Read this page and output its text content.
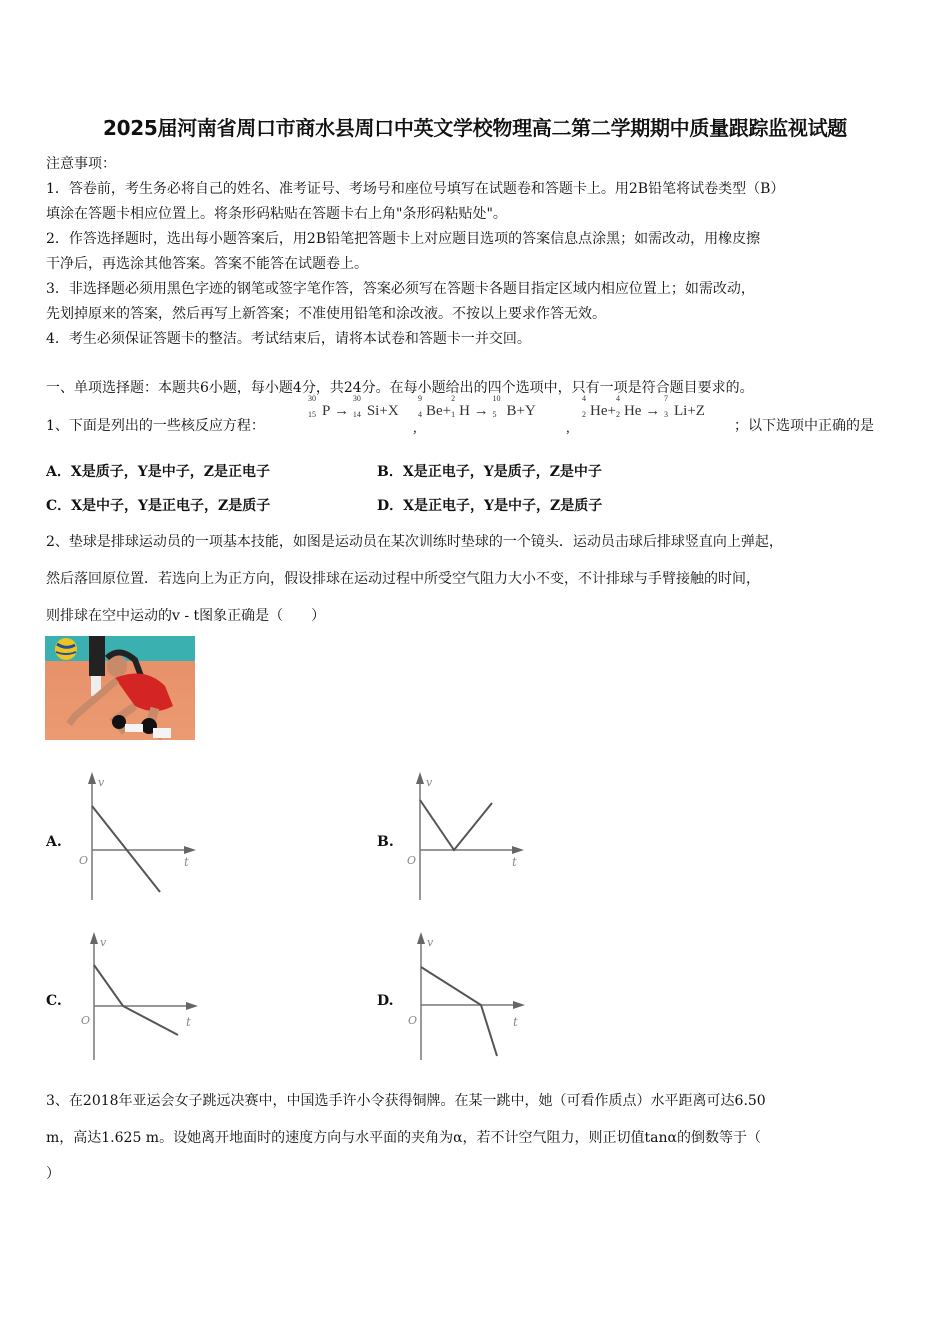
2025届河南省周口市商水县周口中英文学校物理高二第二学期期中质量跟踪监视试题
注意事项：
1．答卷前，考生务必将自己的姓名、准考证号、考场号和座位号填写在试题卷和答题卡上。用2B铅笔将试卷类型（B）
填涂在答题卡相应位置上。将条形码粘贴在答题卡右上角"条形码粘贴处"。
2．作答选择题时，选出每小题答案后，用2B铅笔把答题卡上对应题目选项的答案信息点涂黑；如需改动，用橡皮擦
干净后，再选涂其他答案。答案不能答在试题卷上。
3．非选择题必须用黑色字迹的钢笔或签字笔作答，答案必须写在答题卡各题目指定区域内相应位置上；如需改动，
先划掉原来的答案，然后再写上新答案；不准使用铅笔和涂改液。不按以上要求作答无效。
4．考生必须保证答题卡的整洁。考试结束后，请将本试卷和答题卡一并交回。
一、单项选择题：本题共6小题，每小题4分，共24分。在每小题给出的四个选项中，只有一项是符合题目要求的。
1、下面是列出的一些核反应方程：
30
15 P →
30
14 Si+X
,
9
4 Be+
2
1 H →
10
5 B+Y
,
4
2 He+
4
2 He →
7
3 Li+Z
；以下选项中正确的是
A．X是质子，Y是中子，Z是正电子	B．X是正电子，Y是质子，Z是中子
C．X是中子，Y是正电子，Z是质子	D．X是正电子，Y是中子，Z是质子
2、垫球是排球运动员的一项基本技能，如图是运动员在某次训练时垫球的一个镜头．运动员击球后排球竖直向上弹起，
然后落回原位置．若选向上为正方向，假设排球在运动过程中所受空气阻力大小不变，不计排球与手臂接触的时间，
则排球在空中运动的v - t图象正确是（　　）
A.
v
O	t
B.
v
O	t
C.
v
O	t
D.
v
O	t
3、在2018年亚运会女子跳远决赛中，中国选手许小令获得铜牌。在某一跳中，她（可看作质点）水平距离可达6.50
m，高达1.625 m。设她离开地面时的速度方向与水平面的夹角为α，若不计空气阻力，则正切值tanα的倒数等于（
）
